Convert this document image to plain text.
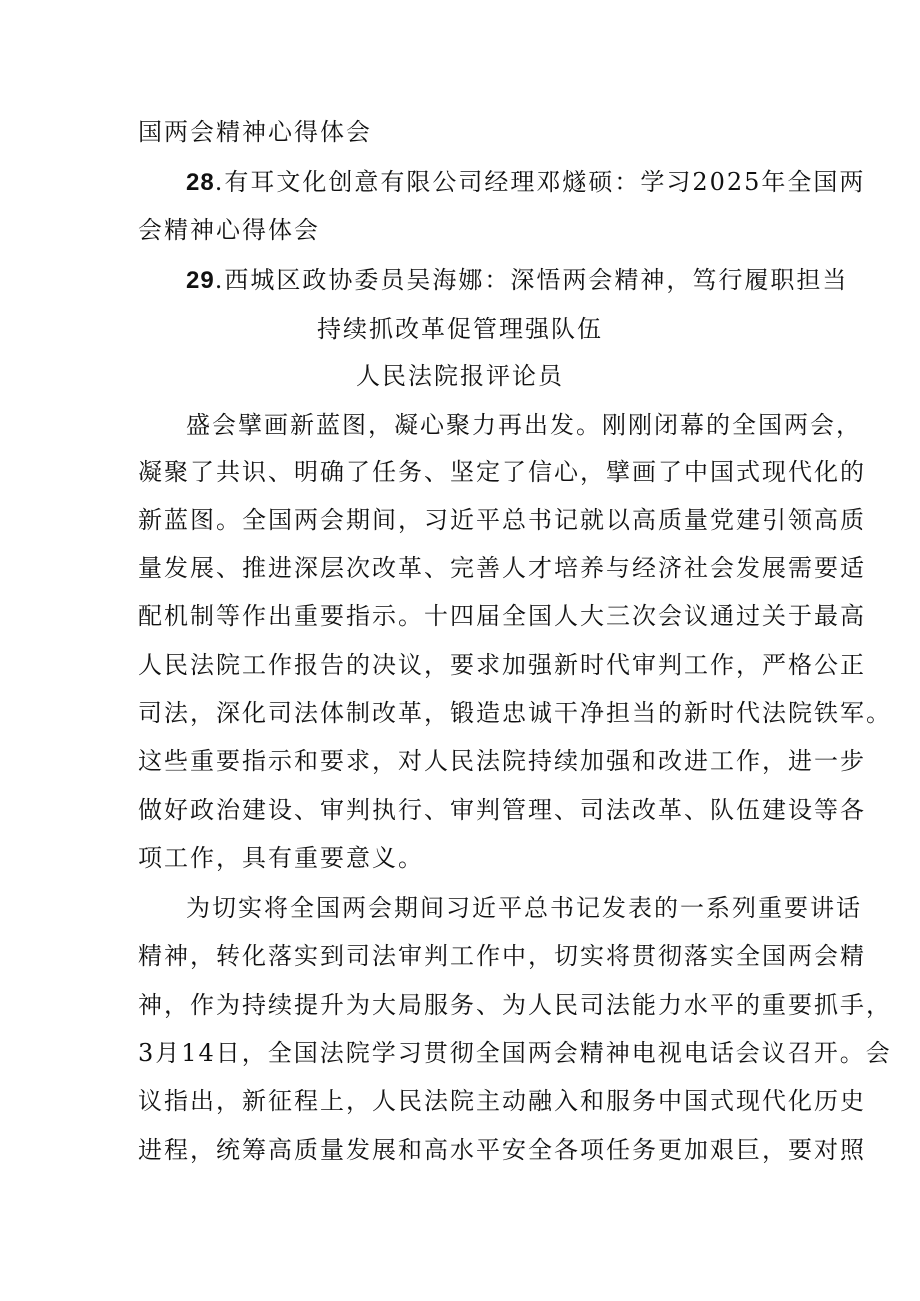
国两会精神心得体会
28.有耳文化创意有限公司经理邓燧硕：学习2025年全国两
会精神心得体会
29.西城区政协委员吴海娜：深悟两会精神，笃行履职担当
持续抓改革促管理强队伍
人民法院报评论员
盛会擘画新蓝图，凝心聚力再出发。刚刚闭幕的全国两会，
凝聚了共识、明确了任务、坚定了信心，擘画了中国式现代化的
新蓝图。全国两会期间，习近平总书记就以高质量党建引领高质
量发展、推进深层次改革、完善人才培养与经济社会发展需要适
配机制等作出重要指示。十四届全国人大三次会议通过关于最高
人民法院工作报告的决议，要求加强新时代审判工作，严格公正
司法，深化司法体制改革，锻造忠诚干净担当的新时代法院铁军。
这些重要指示和要求，对人民法院持续加强和改进工作，进一步
做好政治建设、审判执行、审判管理、司法改革、队伍建设等各
项工作，具有重要意义。
为切实将全国两会期间习近平总书记发表的一系列重要讲话
精神，转化落实到司法审判工作中，切实将贯彻落实全国两会精
神，作为持续提升为大局服务、为人民司法能力水平的重要抓手，
3月14日，全国法院学习贯彻全国两会精神电视电话会议召开。会
议指出，新征程上，人民法院主动融入和服务中国式现代化历史
进程，统筹高质量发展和高水平安全各项任务更加艰巨，要对照
